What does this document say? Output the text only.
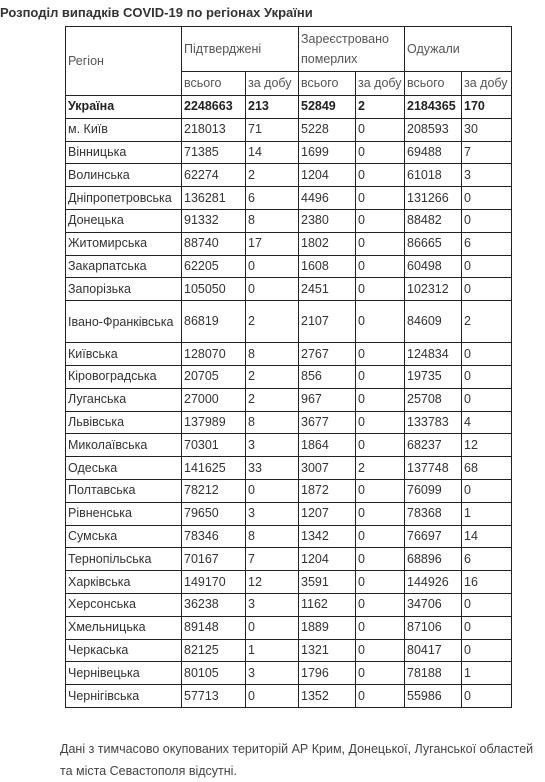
Розподіл випадків COVID-19 по регіонах України
Регіон	Підтверджені		Зареєстровано померлих		Одужали	
	всього	за добу	всього	за добу	всього	за добу
Україна	2248663	213	52849	2	2184365	170
м. Київ	218013	71	5228	0	208593	30
Вінницька	71385	14	1699	0	69488	7
Волинська	62274	2	1204	0	61018	3
Дніпропетровська	136281	6	4496	0	131266	0
Донецька	91332	8	2380	0	88482	0
Житомирська	88740	17	1802	0	86665	6
Закарпатська	62205	0	1608	0	60498	0
Запорізька	105050	0	2451	0	102312	0
Івано-Франківська	86819	2	2107	0	84609	2
Київська	128070	8	2767	0	124834	0
Кіровоградська	20705	2	856	0	19735	0
Луганська	27000	2	967	0	25708	0
Львівська	137989	8	3677	0	133783	4
Миколаївська	70301	3	1864	0	68237	12
Одеська	141625	33	3007	2	137748	68
Полтавська	78212	0	1872	0	76099	0
Рівненська	79650	3	1207	0	78368	1
Сумська	78346	8	1342	0	76697	14
Тернопільська	70167	7	1204	0	68896	6
Харківська	149170	12	3591	0	144926	16
Херсонська	36238	3	1162	0	34706	0
Хмельницька	89148	0	1889	0	87106	0
Черкаська	82125	1	1321	0	80417	0
Чернівецька	80105	3	1796	0	78188	1
Чернігівська	57713	0	1352	0	55986	0
Дані з тимчасово окупованих територій АР Крим, Донецької, Луганської областей та міста Севастополя відсутні.
